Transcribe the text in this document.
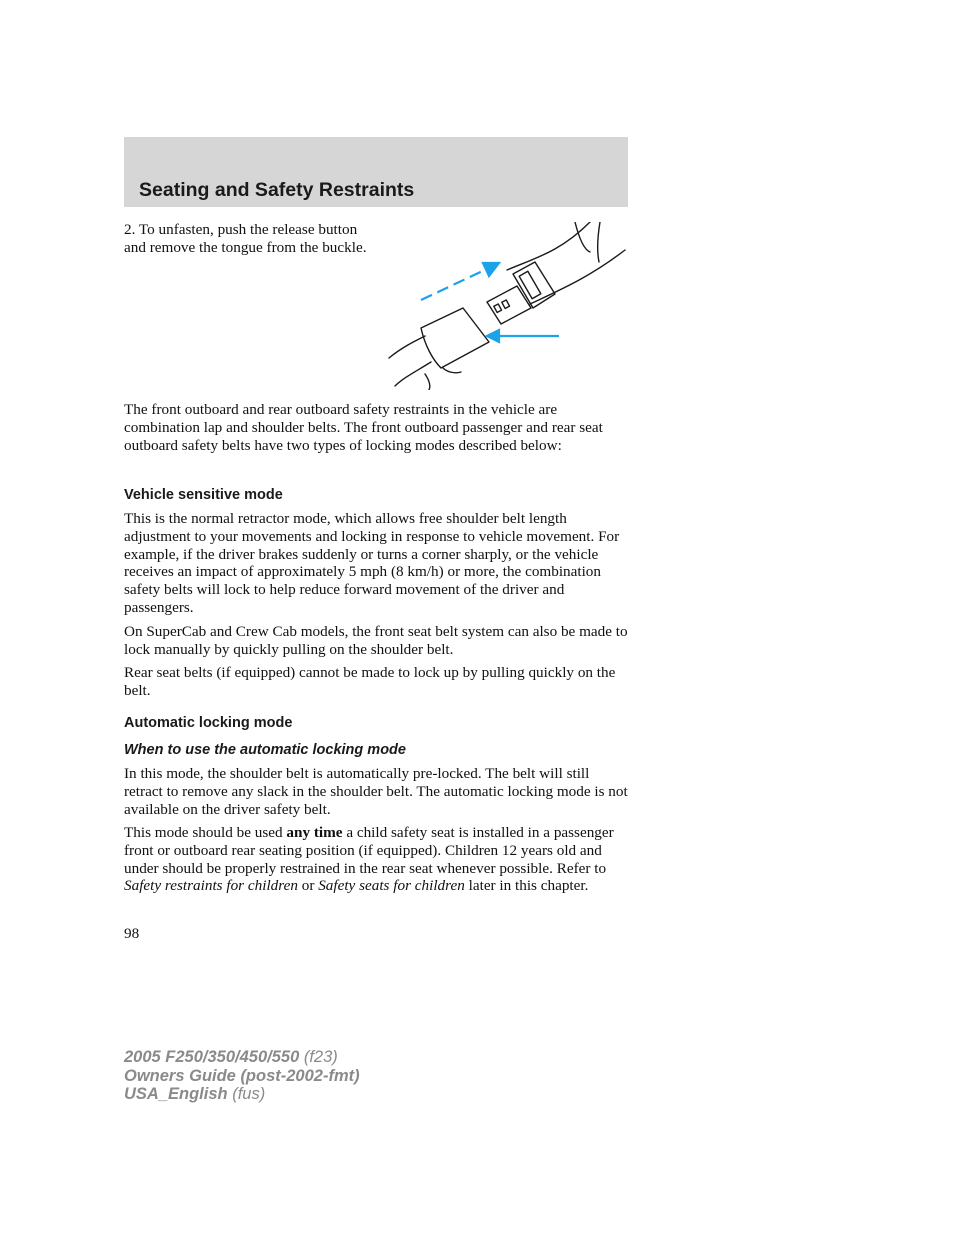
Seating and Safety Restraints

2. To unfasten, push the release button and remove the tongue from the buckle.

The front outboard and rear outboard safety restraints in the vehicle are combination lap and shoulder belts. The front outboard passenger and rear seat outboard safety belts have two types of locking modes described below:

Vehicle sensitive mode

This is the normal retractor mode, which allows free shoulder belt length adjustment to your movements and locking in response to vehicle movement. For example, if the driver brakes suddenly or turns a corner sharply, or the vehicle receives an impact of approximately 5 mph (8 km/h) or more, the combination safety belts will lock to help reduce forward movement of the driver and passengers.

On SuperCab and Crew Cab models, the front seat belt system can also be made to lock manually by quickly pulling on the shoulder belt.

Rear seat belts (if equipped) cannot be made to lock up by pulling quickly on the belt.

Automatic locking mode
When to use the automatic locking mode

In this mode, the shoulder belt is automatically pre-locked. The belt will still retract to remove any slack in the shoulder belt. The automatic locking mode is not available on the driver safety belt.

This mode should be used any time a child safety seat is installed in a passenger front or outboard rear seating position (if equipped). Children 12 years old and under should be properly restrained in the rear seat whenever possible. Refer to Safety restraints for children or Safety seats for children later in this chapter.

98

2005 F250/350/450/550 (f23)
Owners Guide (post-2002-fmt)
USA_English (fus)
